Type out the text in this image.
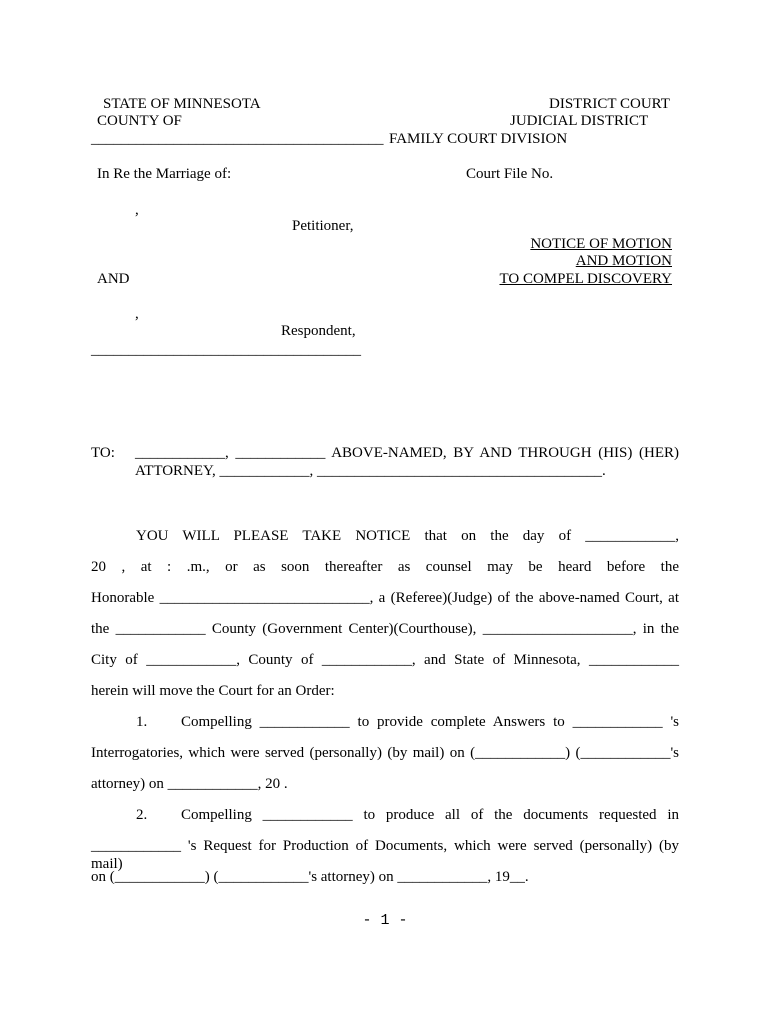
STATE OF MINNESOTA
COUNTY OF
_______________________________________
DISTRICT COURT
JUDICIAL DISTRICT
FAMILY COURT DIVISION
In Re the Marriage of:	Court File No.
,
Petitioner,
AND
,
Respondent,
____________________________________
NOTICE OF MOTION
AND MOTION
TO COMPEL DISCOVERY
TO: ____________, ____________ ABOVE-NAMED, BY AND THROUGH (HIS) (HER)
ATTORNEY, ____________, ______________________________________.
YOU WILL PLEASE TAKE NOTICE that on the day of ____________,
20 , at : .m., or as soon thereafter as counsel may be heard before the
Honorable ____________________________, a (Referee)(Judge) of the above-named Court, at
the ____________ County (Government Center)(Courthouse), ____________________, in the
City of ____________, County of ____________, and State of Minnesota, ____________
herein will move the Court for an Order:
1. Compelling ____________ to provide complete Answers to ____________ 's
Interrogatories, which were served (personally) (by mail) on (____________) (____________'s
attorney) on ____________, 20 .
2. Compelling ____________ to produce all of the documents requested in
____________ 's Request for Production of Documents, which were served (personally) (by mail)
on (____________) (____________'s attorney) on ____________, 19__.
- 1 -
